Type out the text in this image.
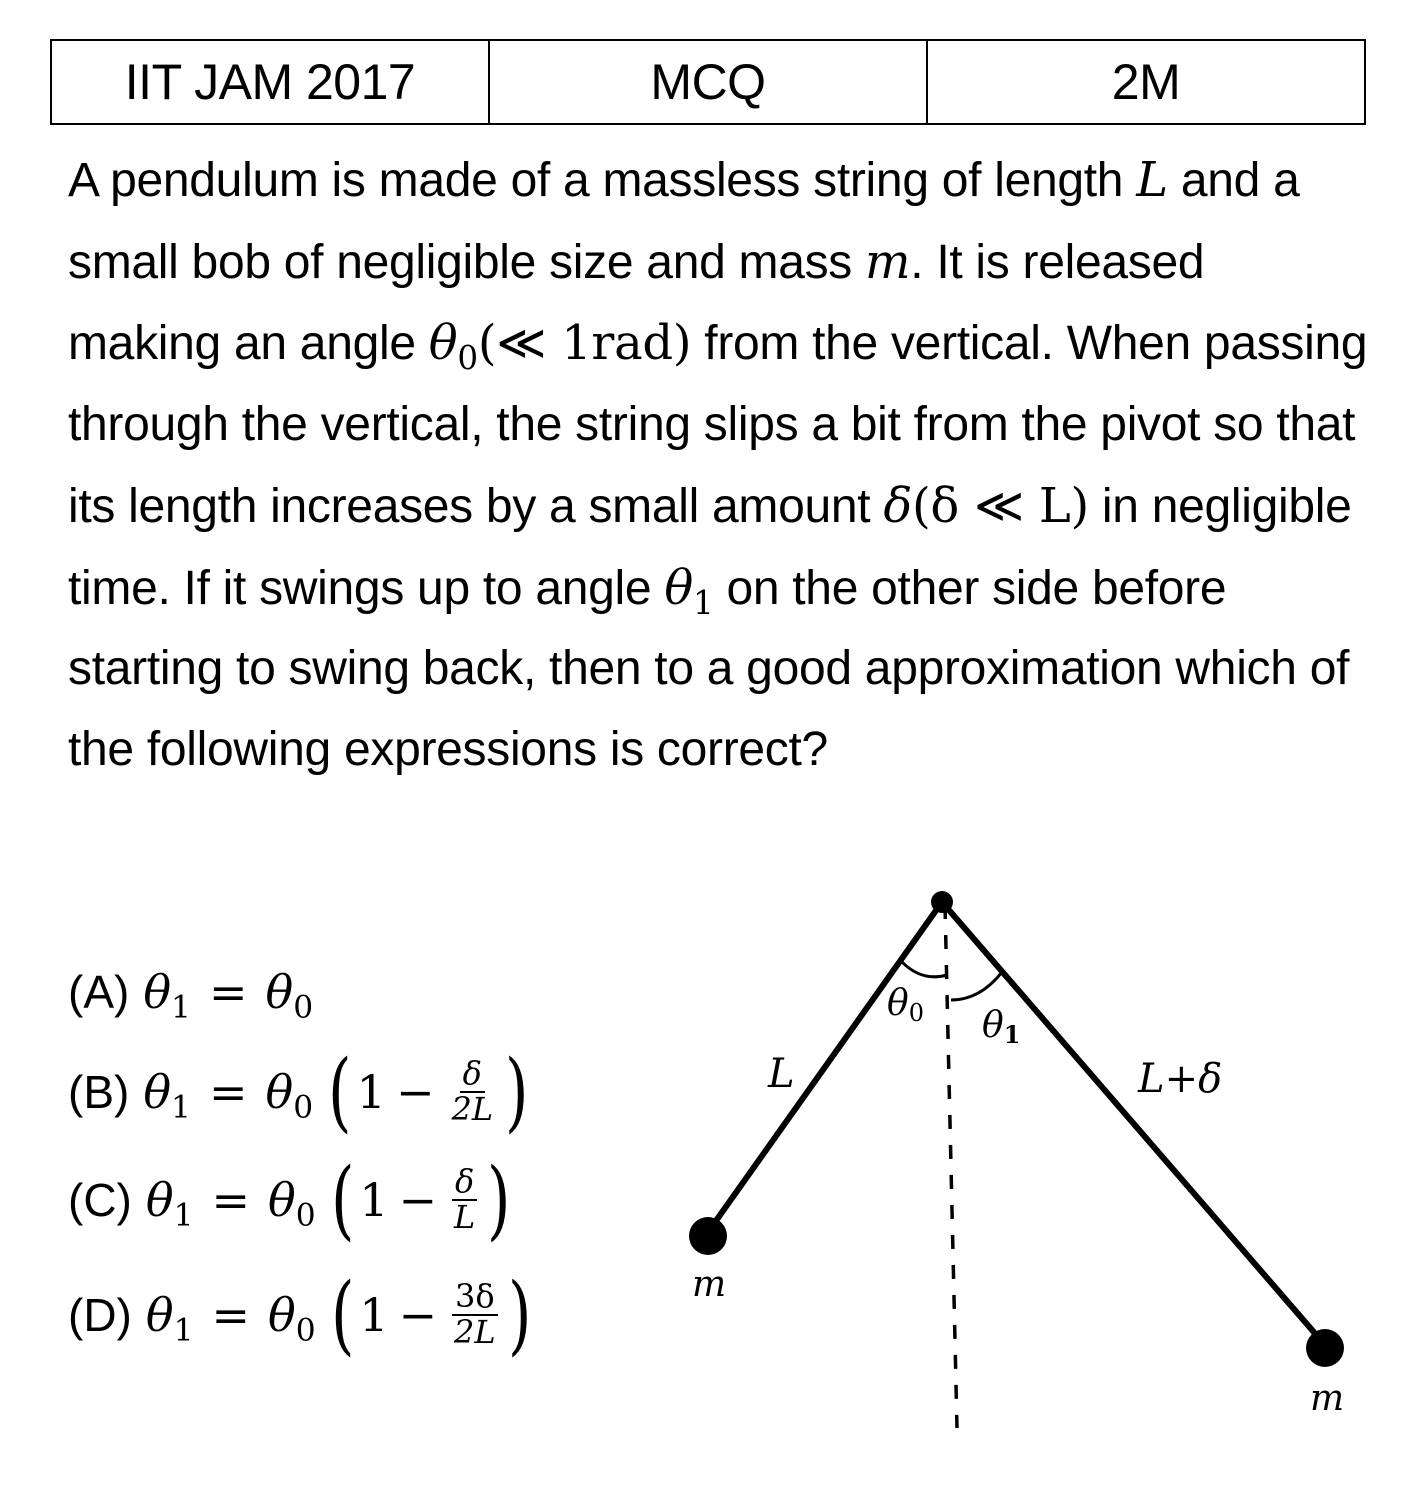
IIT JAM 2017	MCQ	2M

A pendulum is made of a massless string of length L and a small bob of negligible size and mass m. It is released making an angle $\theta_0(≪$ 1rad) from the vertical. When passing through the vertical, the string slips a bit from the pivot so that its length increases by a small amount δ(δ ≪ L) in negligible time. If it swings up to angle $\theta_1$ on the other side before starting to swing back, then to a good approximation which of the following expressions is correct?

(A) $\theta_1 = \theta_0$
(B) $\theta_1 = \theta_0$ ( $1 - \frac{\delta}{2L}$ )
(C) $\theta_1 = \theta_0$ ( $1 - \frac{\delta}{L}$ )
(D) $\theta_1 = \theta_0$ ( $1 - \frac{3\delta}{2L}$ )
θ0 θ1
L	L+δ
m
m
